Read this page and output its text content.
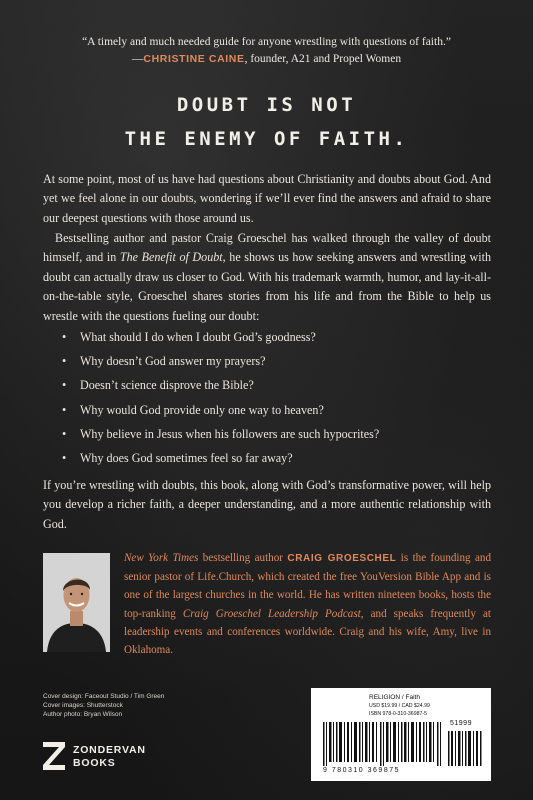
“A timely and much needed guide for anyone wrestling with questions of faith.”
—CHRISTINE CAINE, founder, A21 and Propel Women
DOUBT IS NOT
THE ENEMY OF FAITH.

At some point, most of us have had questions about Christianity and doubts about God. And yet we feel alone in our doubts, wondering if we’ll ever find the answers and afraid to share our deepest questions with those around us.

Bestselling author and pastor Craig Groeschel has walked through the valley of doubt himself, and in The Benefit of Doubt, he shows us how seeking answers and wrestling with doubt can actually draw us closer to God. With his trademark warmth, humor, and lay-it-all-on-the-table style, Groeschel shares stories from his life and from the Bible to help us wrestle with the questions fueling our doubt:

• What should I do when I doubt God’s goodness?
• Why doesn’t God answer my prayers?
• Doesn’t science disprove the Bible?
• Why would God provide only one way to heaven?
• Why believe in Jesus when his followers are such hypocrites?
• Why does God sometimes feel so far away?

If you’re wrestling with doubts, this book, along with God’s transformative power, will help you develop a richer faith, a deeper understanding, and a more authentic relationship with God.

New York Times bestselling author CRAIG GROESCHEL is the founding and senior pastor of Life.Church, which created the free YouVersion Bible App and is one of the largest churches in the world. He has written nineteen books, hosts the top-ranking Craig Groeschel Leadership Podcast, and speaks frequently at leadership events and conferences worldwide. Craig and his wife, Amy, live in Oklahoma.

Cover design: Faceout Studio / Tim Green
Cover images: Shutterstock
Author photo: Bryan Wilson
ZONDERVAN
BOOKS
RELIGION / Faith
USD $19.99 / CAD $24.99
ISBN 978-0-310-36987-5
51999
9 780310 369875
